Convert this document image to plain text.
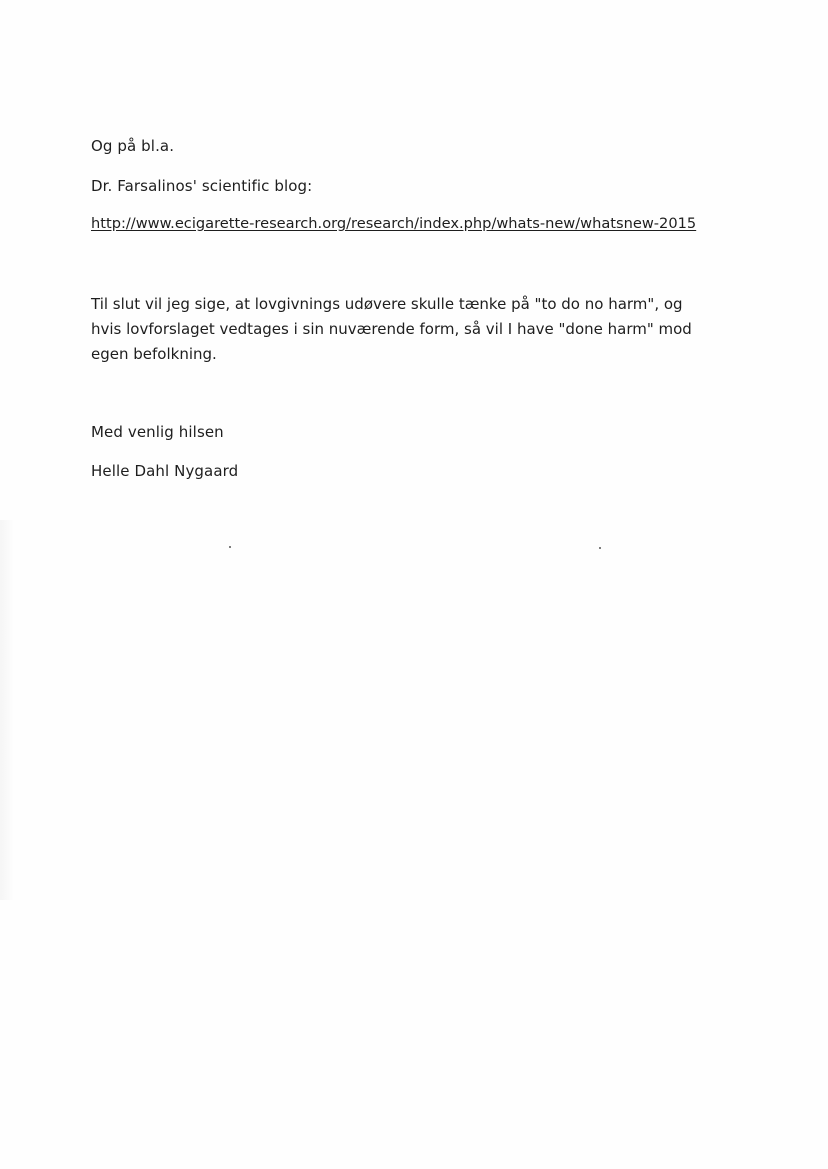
Og på bl.a.

Dr. Farsalinos' scientific blog:

http://www.ecigarette-research.org/research/index.php/whats-new/whatsnew-2015

Til slut vil jeg sige, at lovgivnings udøvere skulle tænke på "to do no harm", og hvis lovforslaget vedtages i sin nuværende form, så vil I have "done harm" mod egen befolkning.

Med venlig hilsen

Helle Dahl Nygaard
